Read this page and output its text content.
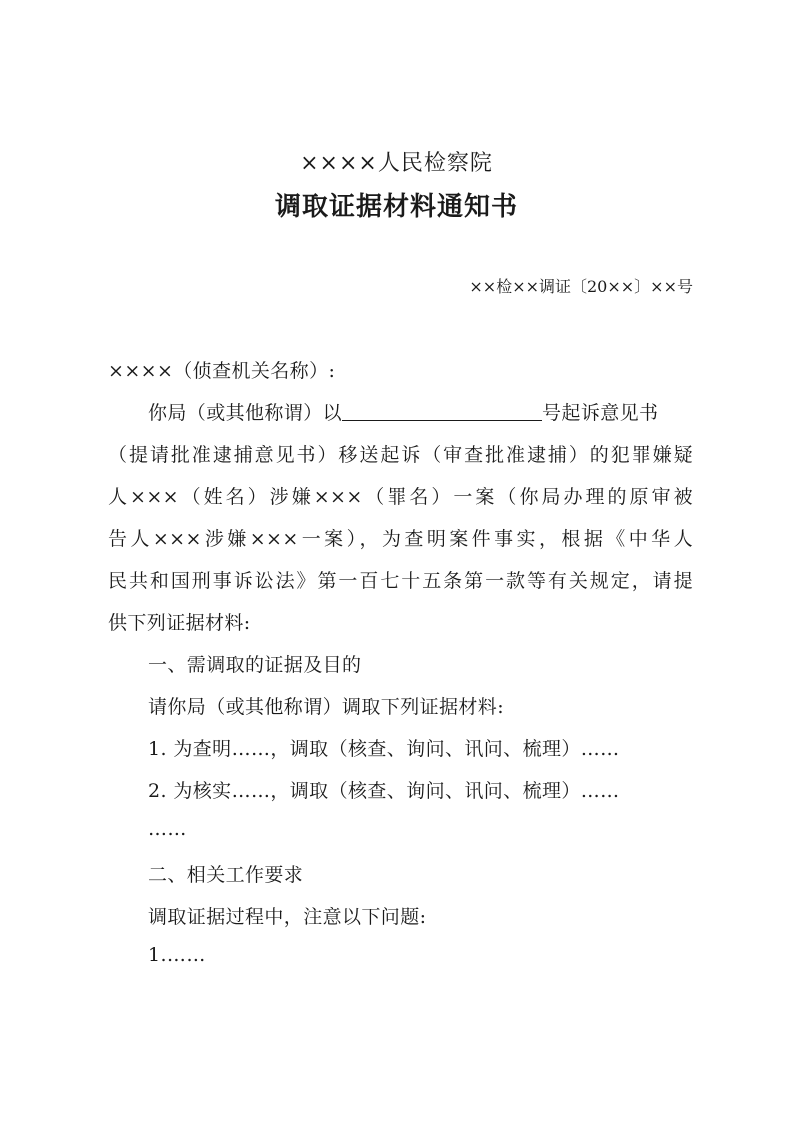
××××人民检察院
调取证据材料通知书
××检××调证〔20××〕××号
××××（侦查机关名称）:
你局（或其他称谓）以	号起诉意见书
（提请批准逮捕意见书）移送起诉（审查批准逮捕）的犯罪嫌疑
人×××（姓名）涉嫌×××（罪名）一案（你局办理的原审被
告人×××涉嫌×××一案），为查明案件事实，根据《中华人
民共和国刑事诉讼法》第一百七十五条第一款等有关规定，请提
供下列证据材料:
一、需调取的证据及目的
请你局（或其他称谓）调取下列证据材料:
1. 为查明……，调取（核查、询问、讯问、梳理）……
2. 为核实……，调取（核查、询问、讯问、梳理）……
……
二、相关工作要求
调取证据过程中，注意以下问题:
1.……
